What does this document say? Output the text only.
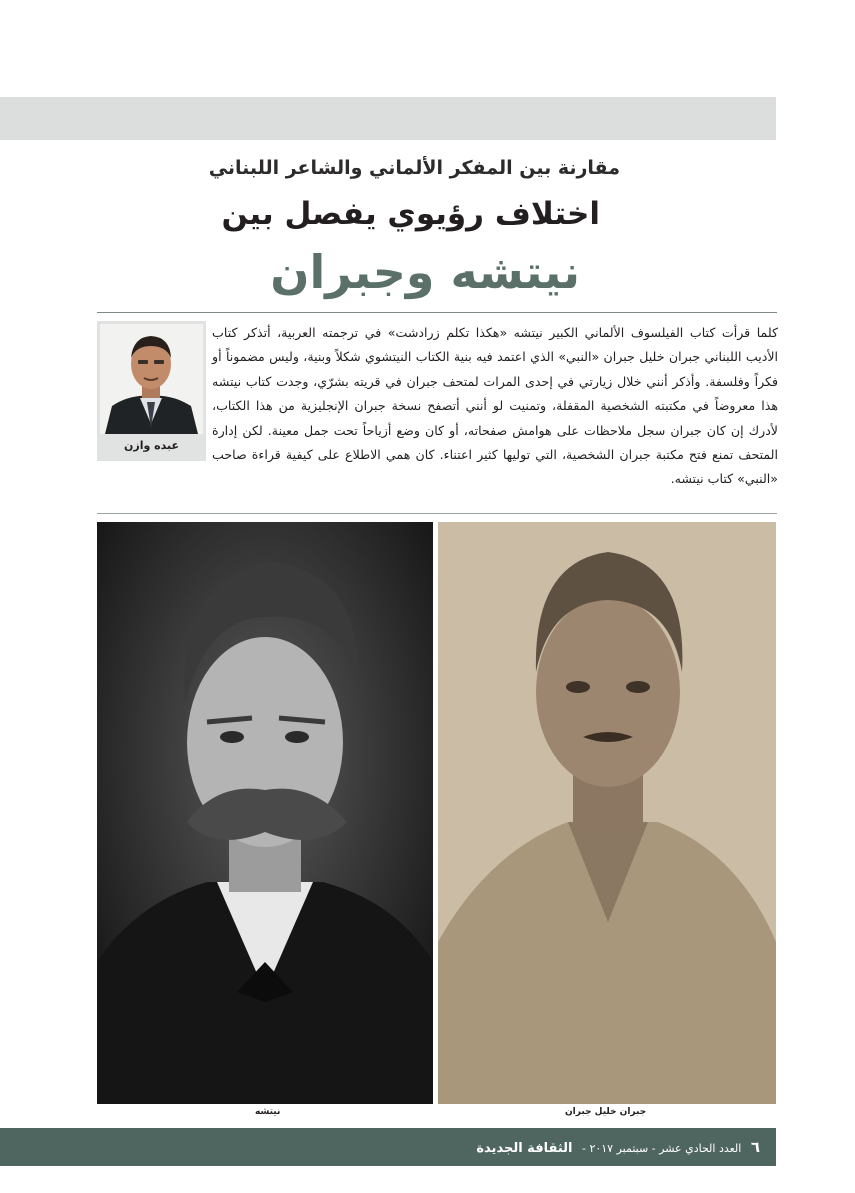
مقارنة بين المفكر الألماني والشاعر اللبناني
اختلاف رؤيوي يفصل بين
نيتشه وجبران
كلما قرأت كتاب الفيلسوف الألماني الكبير نيتشه «هكذا تكلم زرادشت» في ترجمته العربية، أتذكر كتاب الأديب اللبناني جبران خليل جبران «النبي» الذي اعتمد فيه بنية الكتاب النيتشوي شكلاً وبنية، وليس مضموناً أو فكراً وفلسفة. وأذكر أنني خلال زيارتي في إحدى المرات لمتحف جبران في قريته بشرّي، وجدت كتاب نيتشه هذا معروضاً في مكتبته الشخصية المقفلة، وتمنيت لو أنني أتصفح نسخة جبران الإنجليزية من هذا الكتاب، لأدرك إن كان جبران سجل ملاحظات على هوامش صفحاته، أو كان وضع أزياحاً تحت جمل معينة. لكن إدارة المتحف تمنع فتح مكتبة جبران الشخصية، التي توليها كثير اعتناء. كان همي الاطلاع على كيفية قراءة صاحب «النبي» كتاب نيتشه.
عبده وازن
نيتشه	جبران خليل جبران
٦ العدد الحادي عشر - سبتمبر ٢٠١٧ - الثقافة الجديدة
